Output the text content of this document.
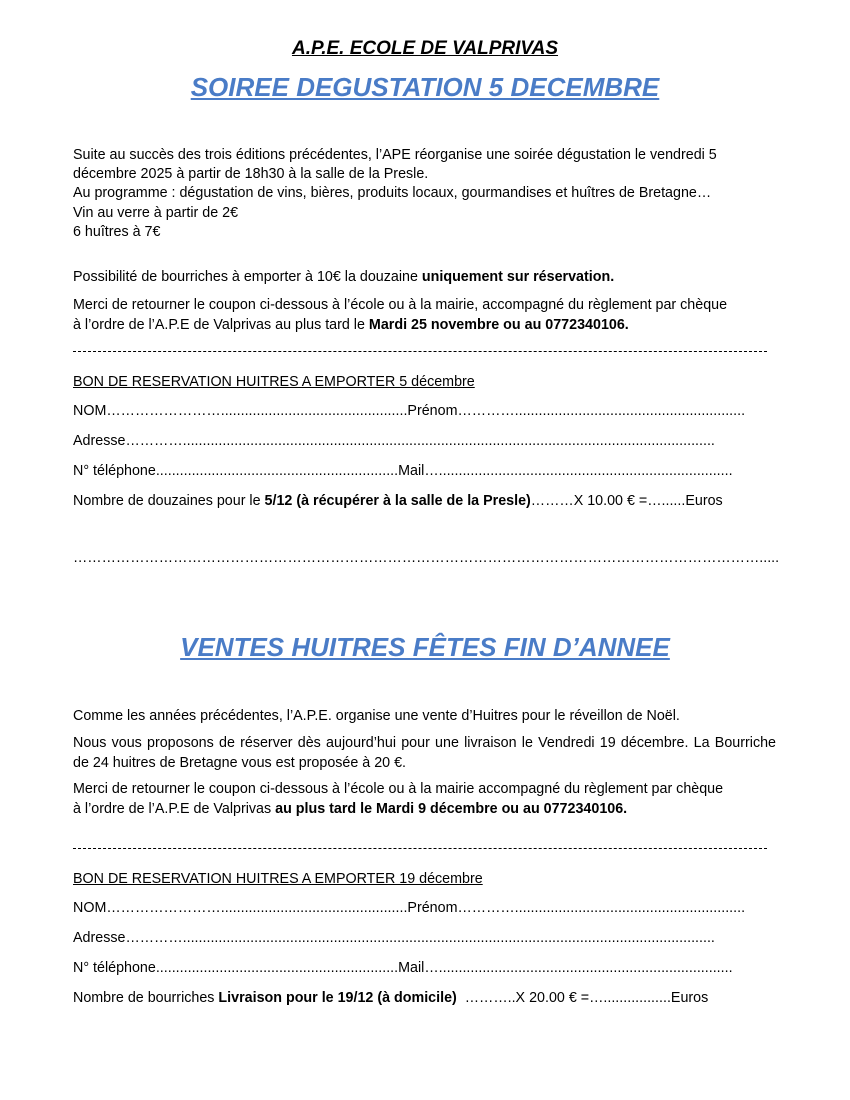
A.P.E. ECOLE DE VALPRIVAS
SOIREE DEGUSTATION 5 DECEMBRE
Suite au succès des trois éditions précédentes, l’APE réorganise une soirée dégustation le vendredi 5
décembre 2025 à partir de 18h30 à la salle de la Presle.
Au programme : dégustation de vins, bières, produits locaux, gourmandises et huîtres de Bretagne…
Vin au verre à partir de 2€
6 huîtres à 7€
Possibilité de bourriches à emporter à 10€ la douzaine uniquement sur réservation.
Merci de retourner le coupon ci-dessous à l’école ou à la mairie, accompagné du règlement par chèque
à l’ordre de l’A.P.E de Valprivas au plus tard le Mardi 25 novembre ou au 0772340106.
BON DE RESERVATION HUITRES A EMPORTER 5 décembre
NOM……………………...............................................Prénom…………..........................................................
Adresse…………......................................................................................................................................
N° téléphone.............................................................Mail…..........................................................................
Nombre de douzaines pour le 5/12 (à récupérer à la salle de la Presle)………X 10.00 € =…......Euros
……………………………………………………………………………………………………………………………….....
VENTES HUITRES FÊTES FIN D’ANNEE
Comme les années précédentes, l’A.P.E. organise une vente d’Huitres pour le réveillon de Noël.
Nous vous proposons de réserver dès aujourd’hui pour une livraison le Vendredi 19 décembre. La Bourriche de 24 huitres de Bretagne vous est proposée à 20 €.
Merci de retourner le coupon ci-dessous à l’école ou à la mairie accompagné du règlement par chèque
à l’ordre de l’A.P.E de Valprivas au plus tard le Mardi 9 décembre ou au 0772340106.
BON DE RESERVATION HUITRES A EMPORTER 19 décembre
NOM……………………...............................................Prénom…………..........................................................
Adresse…………......................................................................................................................................
N° téléphone.............................................................Mail…..........................................................................
Nombre de bourriches Livraison pour le 19/12 (à domicile)  ………..X 20.00 € =….................Euros
